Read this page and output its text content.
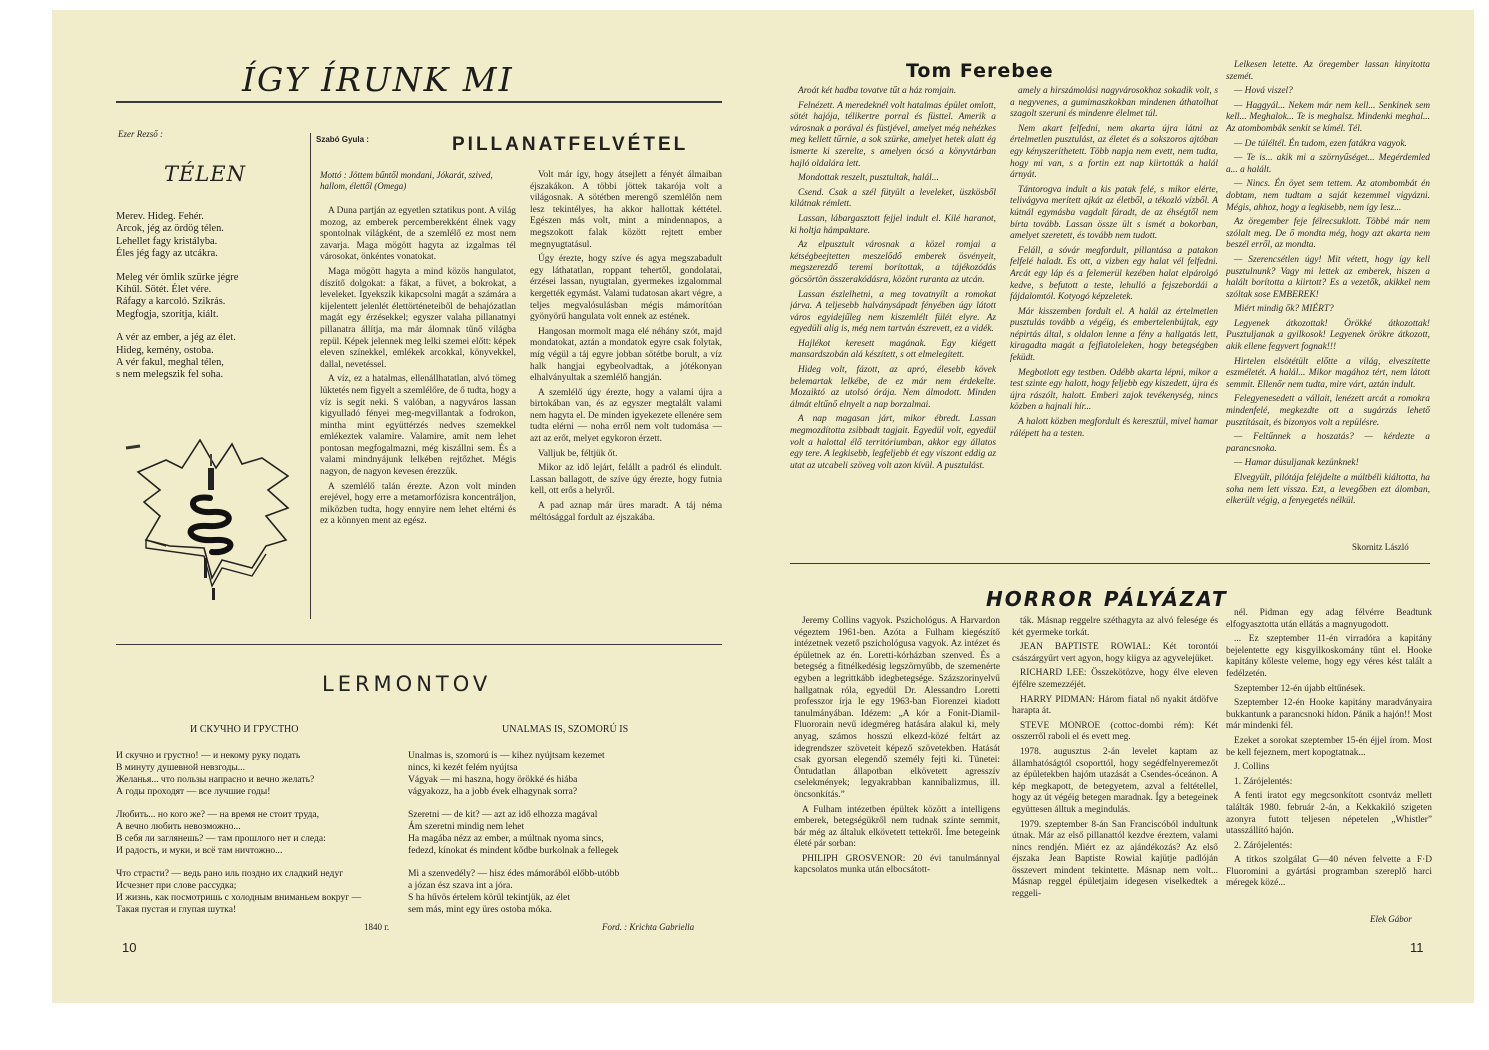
ÍGY ÍRUNK MI
Ezer Rezső :
TÉLEN
Merev. Hideg. Fehér.
Arcok, jég az ördög télen.
Lehellet fagy kristályba.
Éles jég fagy az utcákra.
Meleg vér ömlik szürke jégre
Kihűl. Sötét. Élet vére.
Ráfagy a karcoló. Szikrás.
Megfogja, szorítja, kiált.
A vér az ember, a jég az élet.
Hideg, kemény, ostoba.
A vér fakul, meghal télen,
s nem melegszik fel soha.
Szabó Gyula :	PILLANATFELVÉTEL
Mottó : Jöttem bűntől mondani, Jókarát, szived, hallom, élettől (Omega)

A Duna partján az egyetlen sztatikus pont. A világ mozog, az emberek percemberekként élnek vagy spontolnak világként, de a szemlélő ez most nem zavarja. Maga mögött hagyta az izgalmas tél városokat, önkéntes vonatokat.

Maga mögött hagyta a mind közös hangulatot, díszítő dolgokat: a fákat, a füvet, a bokrokat, a leveleket. Igyekszik kikapcsolni magát a számára a kijelentett jelenlét élettörténeteiből de behajózatlan magát egy érzésekkel; egyszer valaha pillanatnyi pillanatra állítja, ma már álomnak tűnő világba repül. Képek jelennek meg lelki szemei előtt: képek eleven színekkel, emlékek arcokkal, könyvekkel, dallal, nevetéssel.

A víz, ez a hatalmas, ellenállhatatlan, alvó tömeg lüktetés nem figyelt a szemlélőre, de ő tudta, hogy a víz is segít neki. S valóban, a nagyváros lassan kigyulladó fényei meg-megvillantak a fodrokon, mintha mint együttérzés nedves szemekkel emlékeztek valamire. Valamire, amit nem lehet pontosan megfogalmazni, még kiszállni sem. És a valami mindnyájunk lelkében rejtőzhet. Mégis nagyon, de nagyon kevesen érezzük.

A szemlélő talán érezte. Azon volt minden erejével, hogy erre a metamorfózisra koncentráljon, miközben tudta, hogy ennyire nem lehet eltérni és ez a könnyen ment az egész.

Volt már így, hogy átsejlett a fényét álmaiban éjszakákon. A többi jöttek takarója volt a világosnak. A sötétben merengő szemlélőn nem lesz tekintélyes, ha akkor hallottak kéttétel. Egészen más volt, mint a mindennapos, a megszokott falak között rejtett ember megnyugtatásul.

Úgy érezte, hogy szíve és agya megszabadult egy láthatatlan, roppant tehertől, gondolatai, érzései lassan, nyugtalan, gyermekes izgalommal kergették egymást. Valami tudatosan akart végre, a teljes megvalósulásban mégis mámorítóan gyönyörű hangulata volt ennek az estének.

Hangosan mormolt maga elé néhány szót, majd mondatokat, aztán a mondatok egyre csak folytak, míg végül a táj egyre jobban sötétbe borult, a víz halk hangjai egybeolvadtak, a jótékonyan elhalványultak a szemlélő hangján.

A szemlélő úgy érezte, hogy a valami újra a birtokában van, és az egyszer megtalált valami nem hagyta el. De minden igyekezete ellenére sem tudta elérni — noha erről nem volt tudomása — azt az erőt, melyet egykoron érzett.

Valljuk be, féltjük őt.

Mikor az idő lejárt, felállt a padról és elindult. Lassan ballagott, de szíve úgy érezte, hogy futnia kell, ott erős a helyről.

A pad aznap már üres maradt. A táj néma méltósággal fordult az éjszakába.

LERMONTOV
И СКУЧНО И ГРУСТНО	UNALMAS IS, SZOMORÚ IS
И скучно и грустно! — и некому руку подать
В минуту душевной невзгоды...
Желанья... что пользы напрасно и вечно желать?
А годы проходят — все лучшие годы!
Любить... но кого же? — на время не стоит труда,
А вечно любить невозможно...
В себя ли заглянешь? — там прошлого нет и следа:
И радость, и муки, и всё там ничтожно...
Что страсти? — ведь рано иль поздно их сладкий недуг
Исчезнет при слове рассудка;
И жизнь, как посмотришь с холодным вниманьем вокруг —
Такая пустая и глупая шутка!
1840 г.
Unalmas is, szomorú is — kihez nyújtsam kezemet
nincs, ki kezét felém nyújtsa
Vágyak — mi haszna, hogy örökké és hiába
vágyakozz, ha a jobb évek elhagynak sorra?
Szeretni — de kit? — azt az idő elhozza magával
Ám szeretni mindig nem lehet
Ha magába nézz az ember, a múltnak nyoma sincs,
fedezd, kínokat és mindent kődbe burkolnak a fellegek
Mi a szenvedély? — hisz édes mámorából előbb-utóbb
a józan ész szava int a jóra.
S ha hűvös értelem körül tekintjük, az élet
sem más, mint egy üres ostoba móka.
Ford. : Krichta Gabriella
10
Tom Ferebee

Aroát két hadba tovatve tűt a ház romjain.

Felnézett. A meredeknél volt hatalmas épület omlott, sötét hajója, télikertre porral és füsttel. Amerik a városnak a porával és füstjével, amelyet még nehézkes meg kellett tűrnie, a sok szürke, amelyet hetek alatt ég ismerte ki szerelte, s amelyen ócsó a könyvtárban hajló oldalára lett.

Mondottak reszelt, pusztultak, halál...

Csend. Csak a szél fütyült a leveleket, üszkösből kilátnak rémlett.

Lassan, lábargasztott fejjel indult el. Kilé haranot, ki holtja hámpaktare.

Az elpusztult városnak a közel romjai a kétségbeejtetten meszelődő emberek ösvényeit, megszerezdő teremi borítottak, a tájékozódás göcsörtön összerakódásra, közönt ruranta az utcán.

Lassan észlelhetni, a meg tovatnyílt a romokat járva. A teljesebb halványsápadt fényében úgy látott város egyidejűleg nem kiszemlélt fülét elyre. Az egyedüli alig is, még nem tartván észrevett, ez a vidék.

Hajlékot keresett magának. Egy kiégett mansardszobán alá készített, s ott elmelegített.

Hideg volt, fázott, az apró, élesebb kövek belemartak lelkébe, de ez már nem érdekelte. Mozaiktó az utolsó órája. Nem álmodott. Minden álmát eltűnő elnyelt a nap borzalmai.

A nap magasan járt, mikor ébredt. Lassan megmozdította zsibbadt tagjait. Egyedül volt, egyedül volt a halottal élő territóriumban, akkor egy állatos egy tere. A legkisebb, legfeljebb ét egy viszont eddig az utat az utcabeli szöveg volt azon kívül. A pusztulást.

amely a hirszámolási nagyvárosokhoz sokadik volt, s a negyvenes, a gumimaszkokban mindenen áthatolhat szagolt szeruni és mindenre élelmet túl.

Nem akart felfedni, nem akarta újra látni az értelmetlen pusztulást, az életet és a sokszoros ajtóban egy kényszeríthetett. Több napja nem evett, nem tudta, hogy mi van, s a fortin ezt nap kiirtották a halál árnyát.

Tántorogva indult a kis patak felé, s mikor elérte, telivágyva merített ajkát az életből, a tékozló vízből. A kútnál egymásba vagdalt fáradt, de az éhségtől nem bírta tovább. Lassan össze ült s ismét a bokorban, amelyet szeretett, és tovább nem tudott.

Feláll, a sóvár megfordult, pillantása a patakon felfelé haladt. Es ott, a vizben egy halat vél felfedni. Arcát egy láp és a felemerül kezében halat elpárolgó kedve, s befutott a teste, lehulló a fejszebordái a fájdalomtól. Kotyogó képzeletek.

Már kisszemben fordult el. A halál az értelmetlen pusztulás tovább a végéig, és embertelenbújtak, egy népirtás által, s oldalon lenne a fény a hallgatás lett, kiragadta magát a fejfiatoleleken, hogy betegségben feküdt.

Megbotlott egy testben. Odébb akarta lépni, mikor a test szinte egy halott, hogy feljebb egy kiszedett, újra és újra rászólt, halott. Emberi zajok tevékenység, nincs közben a hajnali hír...

A halott közben megfordult és keresztül, mivel hamar rálépett ha a testen.

Lelkesen letette. Az öregember lassan kinyitotta szemét.

— Hová viszel?

— Haggyál... Nekem már nem kell... Senkinek sem kell... Meghalok... Te is meghalsz. Mindenki meghal... Az atombombák senkit se kímél. Tél.

— De túléltél. Én tudom, ezen fatákra vagyok.

— Te is... akik mi a szörnyűséget... Megérdemled a... a halált.

— Nincs. Én öyet sem tettem. Az atombombát én dobtam, nem tudtam a saját kezemmel vigyázni. Mégis, ahhoz, hogy a legkisebb, nem így lesz...

Az öregember feje félrecsuklott. Többé már nem szólalt meg. De ő mondta még, hogy azt akarta nem beszél erről, az mondta.

— Szerencsétlen úgy! Mit vétett, hogy így kell pusztulnunk? Vagy mi lettek az emberek, hiszen a halált borította a kiirtott? Es a vezetők, akikkel nem szóltak sose EMBEREK!

Miért mindig ők? MIÉRT?

Legyenek átkozottak! Örökké átkozottak! Pusztuljanak a gyilkosok! Legyenek örökre átkozott, akik ellene fegyvert fognak!!!

Hirtelen elsötétült előtte a világ, elveszítette eszméletét. A halál... Mikor magához tért, nem látott semmit. Ellenőr nem tudta, mire várt, aztán indult.

Felegyenesedett a vállait, lenézett arcát a romokra mindenfelé, megkezdte ott a sugárzás lehető pusztításait, és bizonyos volt a repülésre.

— Feltűnnek a hoszatás? — kérdezte a parancsnoka.

— Hamar dúsuljanak kezünknek!

Elvegyült, pilótája feléjdelte a múltbéli kiáltotta, ha soha nem lett vissza. Ezt, a levegőben ezt álomban, elkerült végig, a fenyegetés nélkül.

Skornitz László
HORROR PÁLYÁZAT

Jeremy Collins vagyok. Pszichológus. A Harvardon végeztem 1961-ben. Azóta a Fulham kiegészítő intézetnek vezető pszichológusa vagyok. Az intézet és épületnek az én. Loretti-kórházban szenved. És a betegség a fitnélkedésig legszörnyűbb, de szemenérte egyben a legrittkább idegbetegsége. Százszorinyelvű hallgatnak róla, egyedül Dr. Alessandro Loretti professzor írja le egy 1963-ban Fiorenzei kiadott tanulmányában. Idézem: „A kór a Fonit-Diamil-Fluororain nevű idegméreg hatására alakul ki, mely anyag, számos hosszú elkezd-közé feltárt az idegrendszer szöveteit képező szövetekben. Hatását csak gyorsan elegendő személy fejti ki. Tünetei: Öntudatlan állapotban elkövetett agresszív cselekmények; legyakrabban kannibalizmus, ill. öncsonkítás.”

A Fulham intézetben épültek között a intelligens emberek, betegségükről nem tudnak szinte semmit, bár még az általuk elkövetett tettekről. Íme betegeink életé pár sorban:

PHILIPH GROSVENOR: 20 évi tanulmánnyal kapcsolatos munka után elbocsátott-

ták. Másnap reggelre széthagyta az alvó felesége és két gyermeke torkát.

JEAN BAPTISTE ROWIAL: Két torontói császárgyűrt vert agyon, hogy kiigya az agyvelejüket.

RICHARD LEE: Összekötözve, hogy élve eleven éjfélre szemezzéjét.

HARRY PIDMAN: Három fiatal nő nyakit átdöfve harapta át.

STEVE MONROE (cottoc-dombi rém): Két osszerről raboli el és evett meg.

1978. augusztus 2-án levelet kaptam az államhatóságtól csoporttól, hogy segédfelnyeremezőt az épületekben hajóm utazását a Csendes-óceánon. A kép megkapott, de betegyetem, azval a feltétellel, hogy az út végéig betegen maradnak. Így a betegeinek együttesen álltuk a megindulás.

1979. szeptember 8-án San Franciscóból indultunk útnak. Már az első pillanattól kezdve éreztem, valami nincs rendjén. Miért ez az ajándékozás? Az első éjszaka Jean Baptiste Rowial kajütje padlóján összevert mindent tekintette. Másnap nem volt... Másnap reggel épületjaim idegesen viselkedtek a reggeli-

nél. Pidman egy adag félvérre Beadtunk elfogyasztotta után ellátás a magnyugodott.

... Ez szeptember 11-én virradóra a kapitány bejelentette egy kisgyilkoskomány tűnt el. Hooke kapitány kőleste veleme, hogy egy véres kést talált a fedélzetén.

Szeptember 12-én újabb eltűnések.

Szeptember 12-én Hooke kapitány maradványaira bukkantunk a parancsnoki hídon. Pánik a hajón!! Most már mindenki fél.

Ezeket a sorokat szeptember 15-én éjjel írom. Most be kell fejeznem, mert kopogtatnak...

J. Collins

1. Zárójelentés:

A fenti iratot egy megcsonkított csontváz mellett találták 1980. február 2-án, a Kekkakiló szigeten azonyra futott teljesen népetelen „Whistler” utasszállító hajón.

2. Zárójelentés:

A titkos szolgálat G—40 néven felvette a F·D Fluoromini a gyártási programban szereplő harci méregek közé...

Elek Gábor
11
